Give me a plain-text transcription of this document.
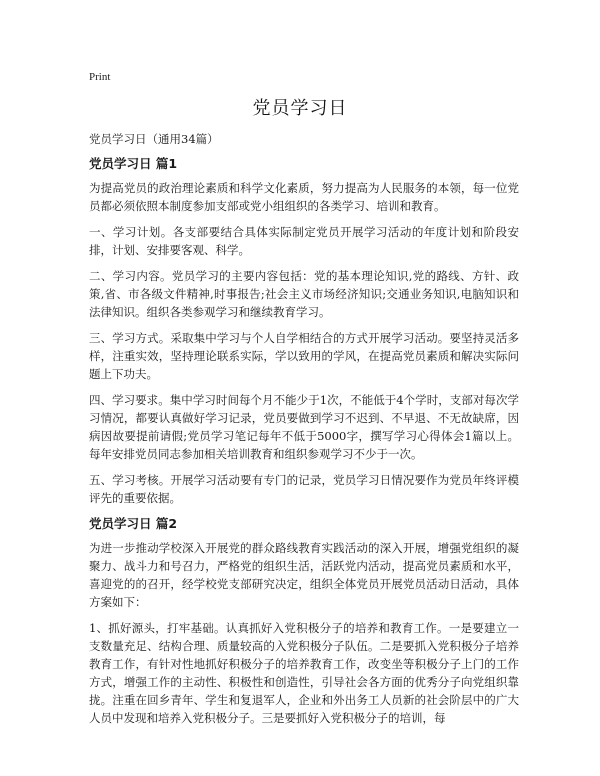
Print
党员学习日
党员学习日（通用34篇）
党员学习日 篇1

为提高党员的政治理论素质和科学文化素质，努力提高为人民服务的本领，每一位党员都必须依照本制度参加支部或党小组组织的各类学习、培训和教育。

一、学习计划。各支部要结合具体实际制定党员开展学习活动的年度计划和阶段安排，计划、安排要客观、科学。

二、学习内容。党员学习的主要内容包括：党的基本理论知识,党的路线、方针、政策,省、市各级文件精神,时事报告;社会主义市场经济知识;交通业务知识,电脑知识和法律知识。组织各类参观学习和继续教育学习。

三、学习方式。采取集中学习与个人自学相结合的方式开展学习活动。要坚持灵活多样，注重实效，坚持理论联系实际，学以致用的学风，在提高党员素质和解决实际问题上下功夫。

四、学习要求。集中学习时间每个月不能少于1次，不能低于4个学时，支部对每次学习情况，都要认真做好学习记录，党员要做到学习不迟到、不早退、不无故缺席，因病因故要提前请假;党员学习笔记每年不低于5000字，撰写学习心得体会1篇以上。每年安排党员同志参加相关培训教育和组织参观学习不少于一次。

五、学习考核。开展学习活动要有专门的记录，党员学习日情况要作为党员年终评模评先的重要依据。

党员学习日 篇2

为进一步推动学校深入开展党的群众路线教育实践活动的深入开展，增强党组织的凝聚力、战斗力和号召力，严格党的组织生活，活跃党内活动，提高党员素质和水平，喜迎党的的召开，经学校党支部研究决定，组织全体党员开展党员活动日活动，具体方案如下：

1、抓好源头，打牢基础。认真抓好入党积极分子的培养和教育工作。一是要建立一支数量充足、结构合理、质量较高的入党积极分子队伍。二是要抓入党积极分子培养教育工作，有针对性地抓好积极分子的培养教育工作，改变坐等积极分子上门的工作方式，增强工作的主动性、积极性和创造性，引导社会各方面的优秀分子向党组织靠拢。注重在回乡青年、学生和复退军人，企业和外出务工人员新的社会阶层中的广大人员中发现和培养入党积极分子。三是要抓好入党积极分子的培训，每
